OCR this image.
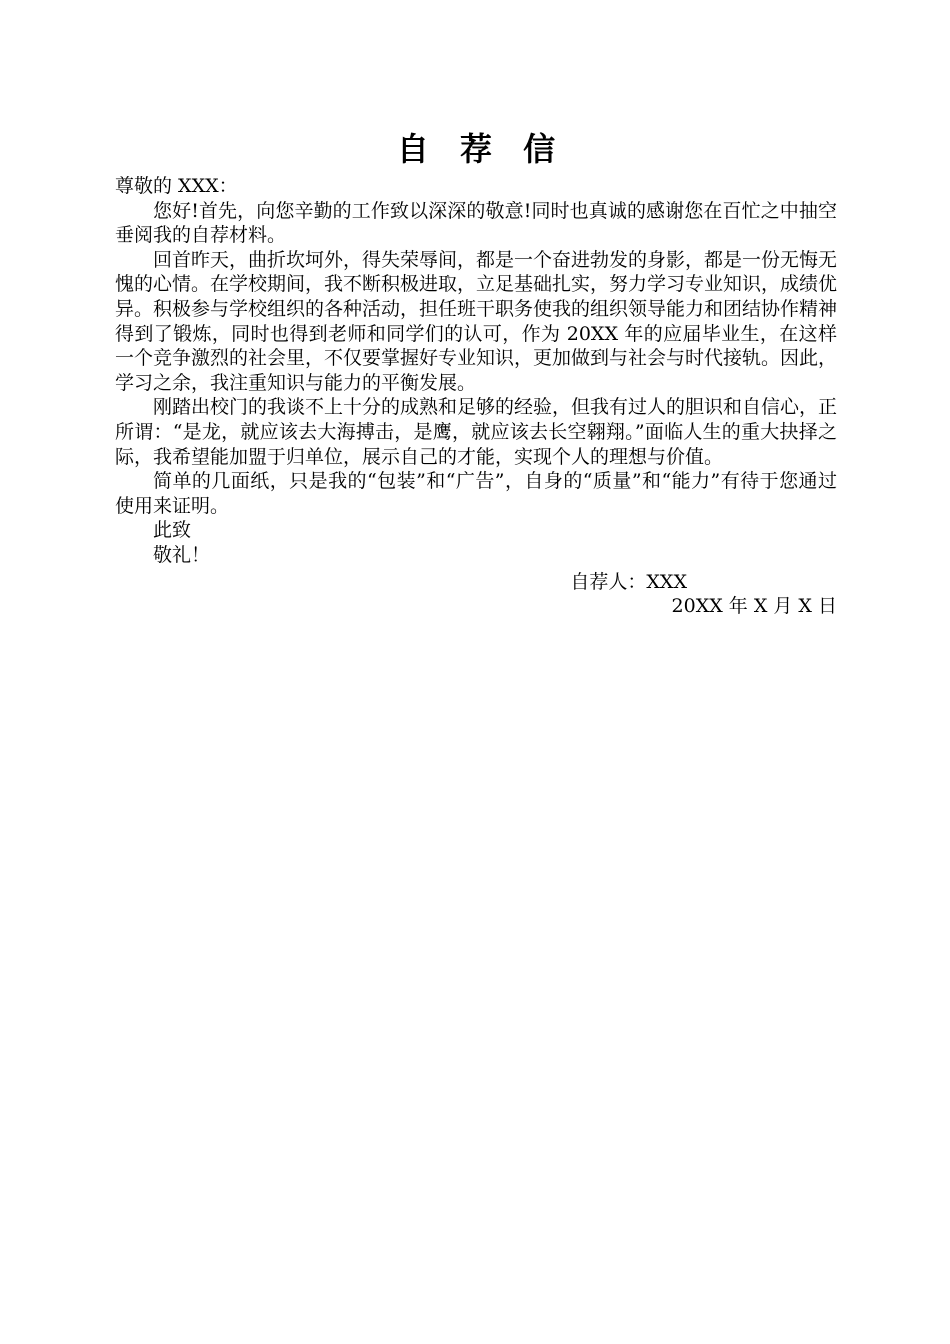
自 荐 信

尊敬的 XXX：

您好!首先，向您辛勤的工作致以深深的敬意!同时也真诚的感谢您在百忙之中抽空垂阅我的自荐材料。

回首昨天，曲折坎坷外，得失荣辱间，都是一个奋进勃发的身影，都是一份无悔无愧的心情。在学校期间，我不断积极进取，立足基础扎实，努力学习专业知识，成绩优异。积极参与学校组织的各种活动，担任班干职务使我的组织领导能力和团结协作精神得到了锻炼，同时也得到老师和同学们的认可，作为 20XX 年的应届毕业生，在这样一个竞争激烈的社会里，不仅要掌握好专业知识，更加做到与社会与时代接轨。因此，学习之余，我注重知识与能力的平衡发展。

刚踏出校门的我谈不上十分的成熟和足够的经验，但我有过人的胆识和自信心，正所谓：“是龙，就应该去大海搏击，是鹰，就应该去长空翱翔。”面临人生的重大抉择之际，我希望能加盟于归单位，展示自己的才能，实现个人的理想与价值。

简单的几面纸，只是我的“包装”和“广告”，自身的“质量”和“能力”有待于您通过使用来证明。

此致

敬礼！

自荐人：XXX

20XX 年 X 月 X 日
